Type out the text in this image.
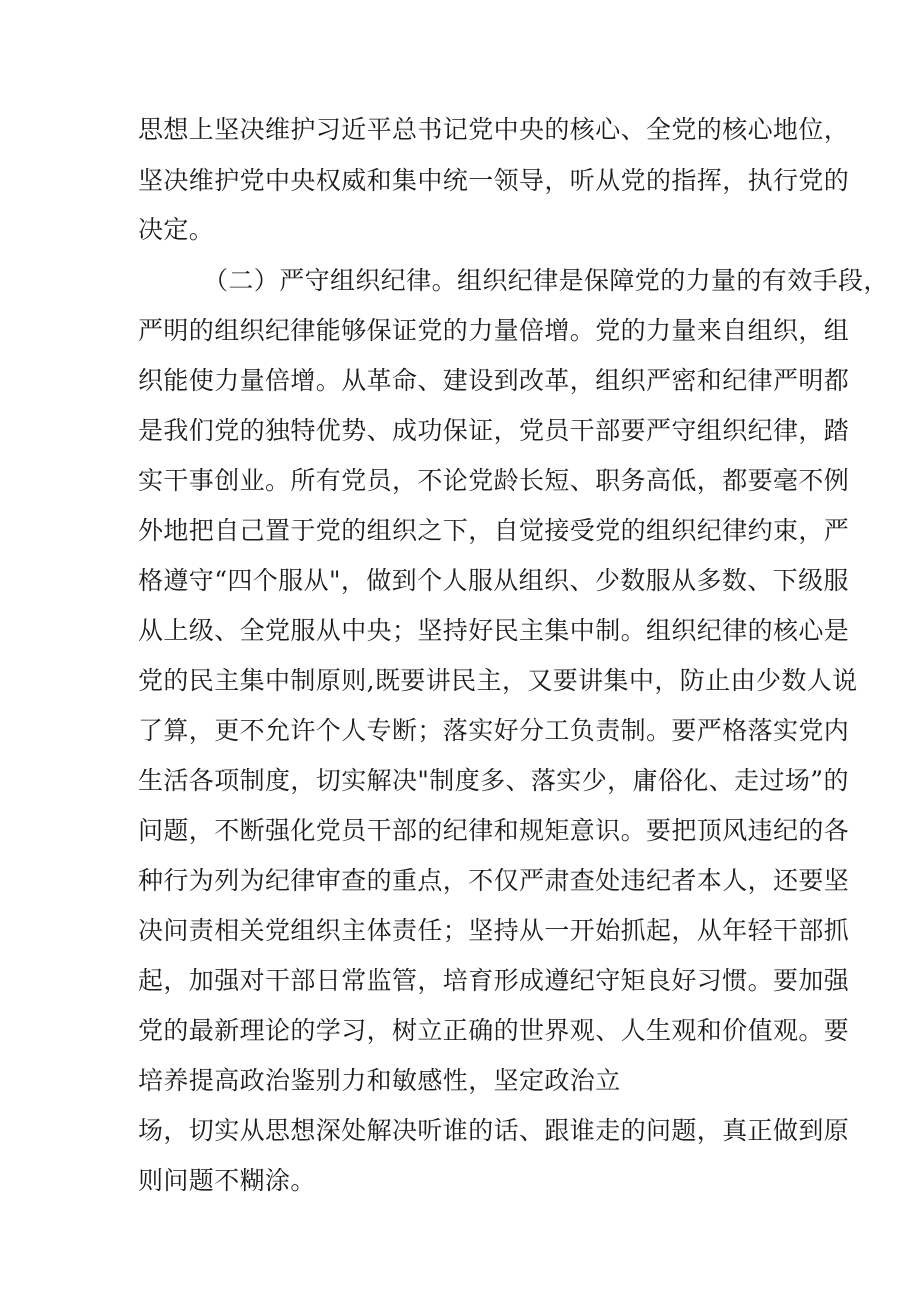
思想上坚决维护习近平总书记党中央的核心、全党的核心地位，
坚决维护党中央权威和集中统一领导，听从党的指挥，执行党的
决定。
（二）严守组织纪律。组织纪律是保障党的力量的有效手段，
严明的组织纪律能够保证党的力量倍增。党的力量来自组织，组
织能使力量倍增。从革命、建设到改革，组织严密和纪律严明都
是我们党的独特优势、成功保证，党员干部要严守组织纪律，踏
实干事创业。所有党员，不论党龄长短、职务高低，都要毫不例
外地把自己置于党的组织之下，自觉接受党的组织纪律约束，严
格遵守“四个服从"，做到个人服从组织、少数服从多数、下级服
从上级、全党服从中央；坚持好民主集中制。组织纪律的核心是
党的民主集中制原则,既要讲民主，又要讲集中，防止由少数人说
了算，更不允许个人专断；落实好分工负责制。要严格落实党内
生活各项制度，切实解决"制度多、落实少，庸俗化、走过场”的
问题，不断强化党员干部的纪律和规矩意识。要把顶风违纪的各
种行为列为纪律审查的重点，不仅严肃查处违纪者本人，还要坚
决问责相关党组织主体责任；坚持从一开始抓起，从年轻干部抓
起，加强对干部日常监管，培育形成遵纪守矩良好习惯。要加强
党的最新理论的学习，树立正确的世界观、人生观和价值观。要
培养提高政治鉴别力和敏感性，坚定政治立
场，切实从思想深处解决听谁的话、跟谁走的问题，真正做到原
则问题不糊涂。
